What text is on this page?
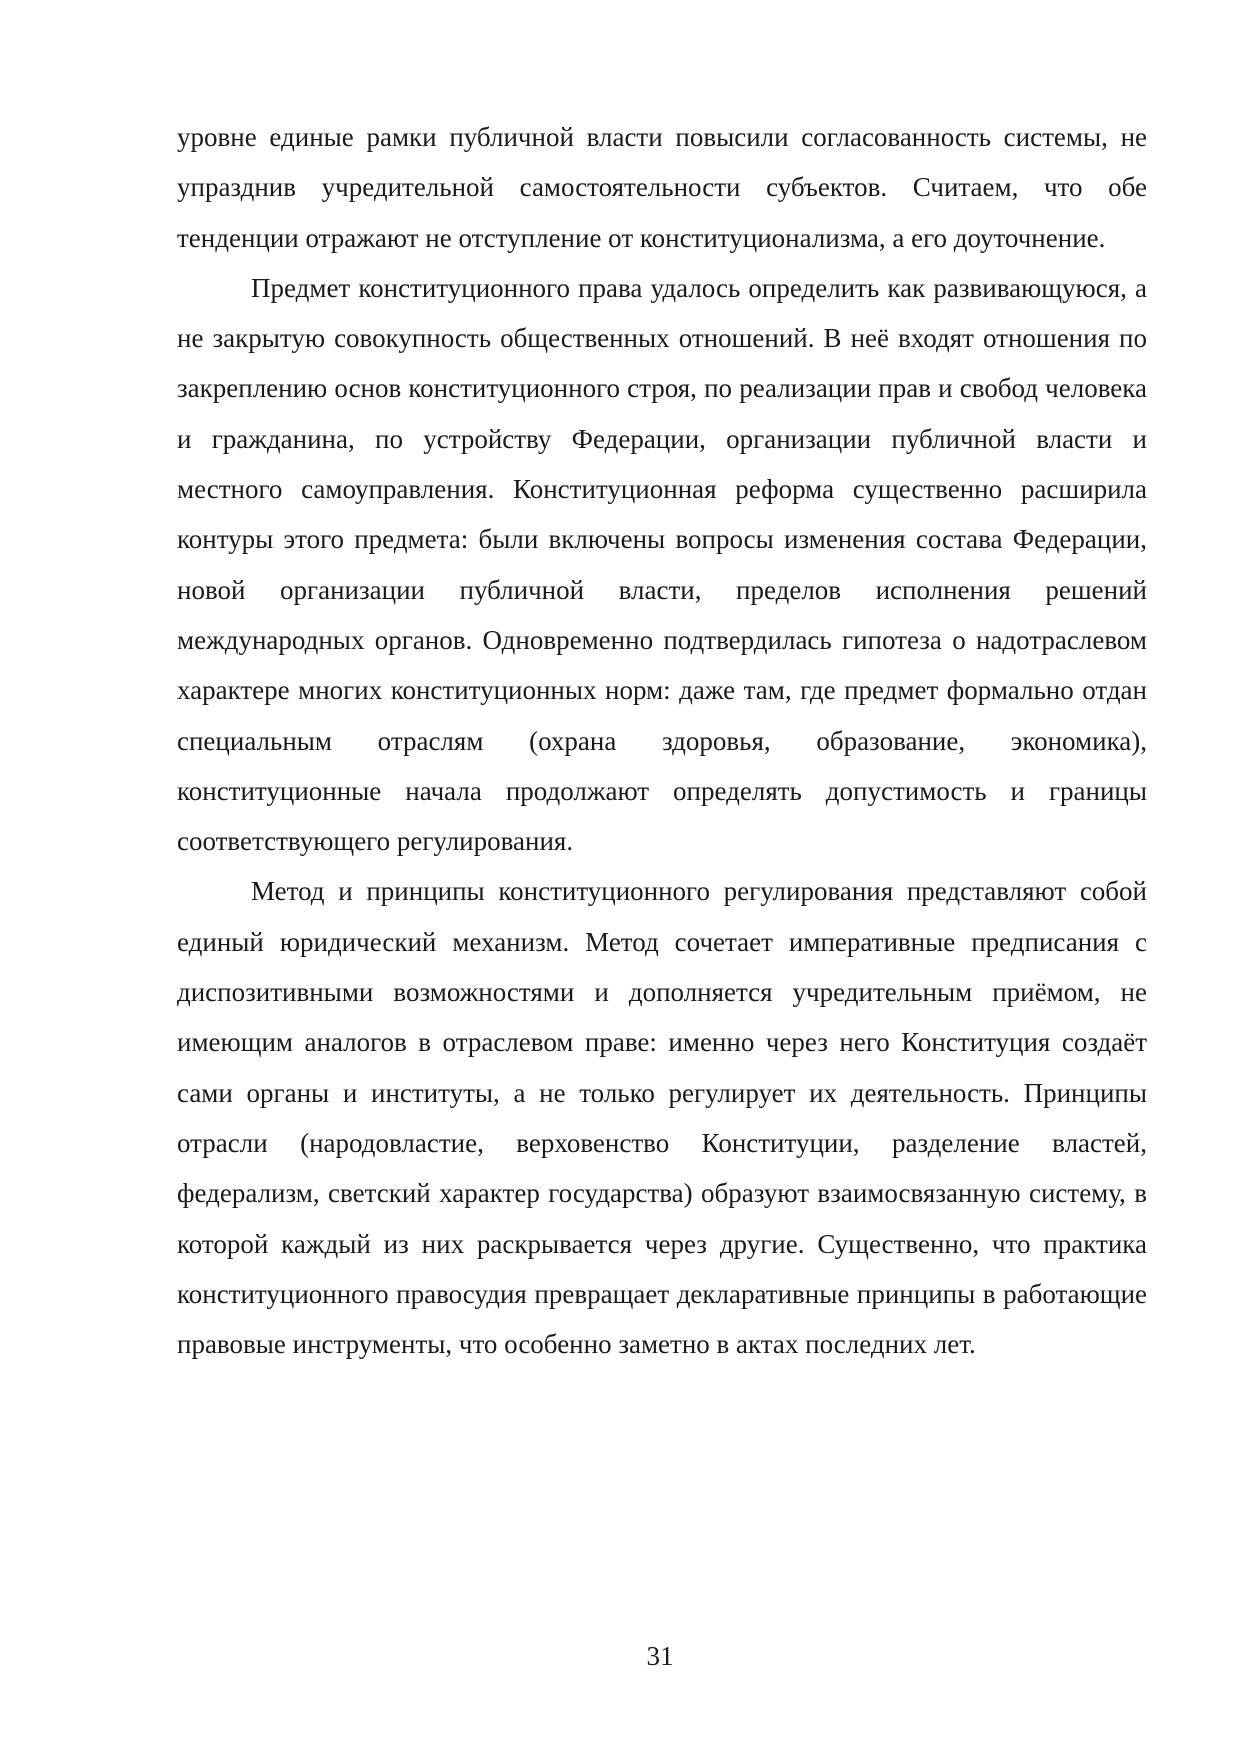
уровне единые рамки публичной власти повысили согласованность системы, не упразднив учредительной самостоятельности субъектов. Считаем, что обе тенденции отражают не отступление от конституционализма, а его доуточнение.

Предмет конституционного права удалось определить как развивающуюся, а не закрытую совокупность общественных отношений. В неё входят отношения по закреплению основ конституционного строя, по реализации прав и свобод человека и гражданина, по устройству Федерации, организации публичной власти и местного самоуправления. Конституционная реформа существенно расширила контуры этого предмета: были включены вопросы изменения состава Федерации, новой организации публичной власти, пределов исполнения решений международных органов. Одновременно подтвердилась гипотеза о надотраслевом характере многих конституционных норм: даже там, где предмет формально отдан специальным отраслям (охрана здоровья, образование, экономика), конституционные начала продолжают определять допустимость и границы соответствующего регулирования.

Метод и принципы конституционного регулирования представляют собой единый юридический механизм. Метод сочетает императивные предписания с диспозитивными возможностями и дополняется учредительным приёмом, не имеющим аналогов в отраслевом праве: именно через него Конституция создаёт сами органы и институты, а не только регулирует их деятельность. Принципы отрасли (народовластие, верховенство Конституции, разделение властей, федерализм, светский характер государства) образуют взаимосвязанную систему, в которой каждый из них раскрывается через другие. Существенно, что практика конституционного правосудия превращает декларативные принципы в работающие правовые инструменты, что особенно заметно в актах последних лет.

31
